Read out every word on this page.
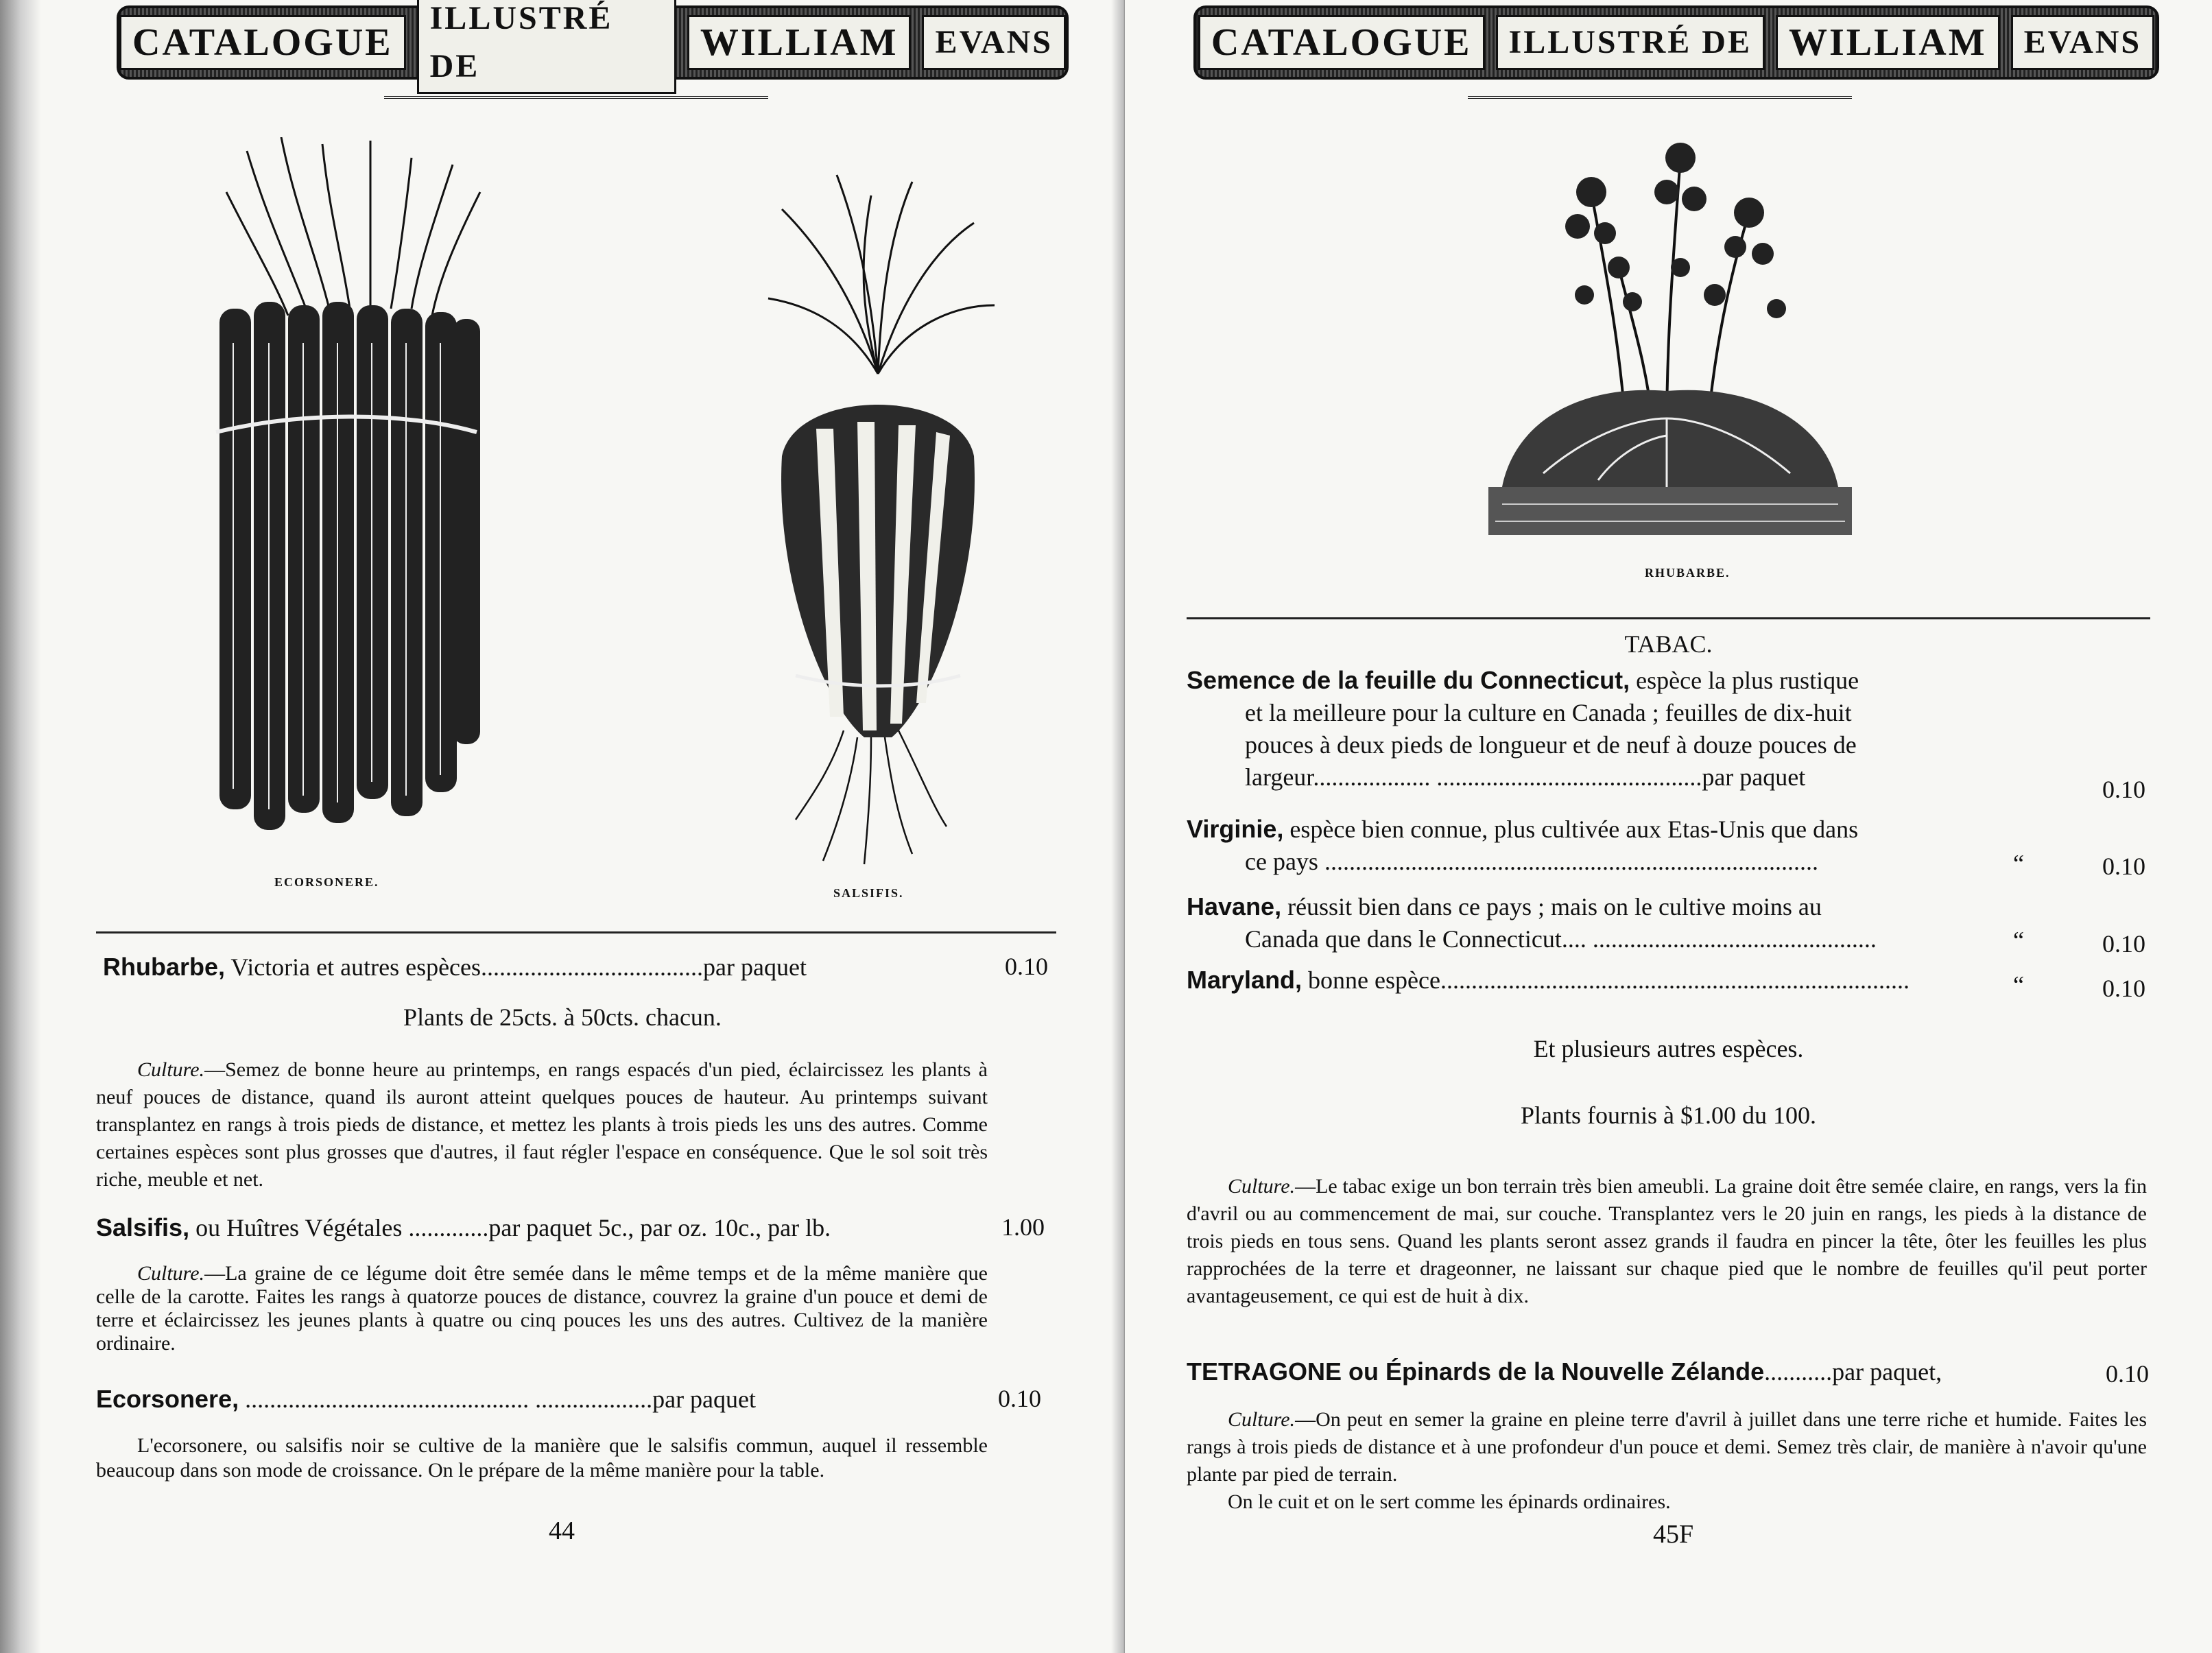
CATALOGUE
ILLUSTRÉ DE
WILLIAM	EVANS
ECORSONERE.
SALSIFIS.
Rhubarbe, Victoria et autres espèces....................................par paquet	0.10
Plants de 25cts. à 50cts. chacun.
Culture.—Semez de bonne heure au printemps, en rangs espacés d'un pied, éclaircissez les plants à neuf pouces de distance, quand ils auront atteint quelques pouces de hauteur. Au printemps suivant transplantez en rangs à trois pieds de distance, et mettez les plants à trois pieds les uns des autres. Comme certaines espèces sont plus grosses que d'autres, il faut régler l'espace en conséquence. Que le sol soit très riche, meuble et net.
Salsifis, ou Huîtres Végétales .............par paquet 5c., par oz. 10c., par lb.	1.00
Culture.—La graine de ce légume doit être semée dans le même temps et de la même manière que celle de la carotte. Faites les rangs à quatorze pouces de distance, couvrez la graine d'un pouce et demi de terre et éclaircissez les jeunes plants à quatre ou cinq pouces les uns des autres. Cultivez de la manière ordinaire.
Ecorsonere, .............................................. ...................par paquet	0.10
L'ecorsonere, ou salsifis noir se cultive de la manière que le salsifis commun, auquel il ressemble beaucoup dans son mode de croissance. On le prépare de la même manière pour la table.
44
CATALOGUE	ILLUSTRÉ DE WILLIAM	EVANS
RHUBARBE.
TABAC.
Semence de la feuille du Connecticut, espèce la plus rustique
et la meilleure pour la culture en Canada ; feuilles de dix-huit
pouces à deux pieds de longueur et de neuf à douze pouces de
largeur................... ...........................................par paquet	0.10
Virginie, espèce bien connue, plus cultivée aux Etas-Unis que dans
ce pays ................................................................................	“	0.10
Havane, réussit bien dans ce pays ; mais on le cultive moins au
Canada que dans le Connecticut.... ..............................................	“	0.10
Maryland, bonne espèce............................................................................	“	0.10
Et plusieurs autres espèces.
Plants fournis à $1.00 du 100.
Culture.—Le tabac exige un bon terrain très bien ameubli. La graine doit être semée claire, en rangs, vers la fin d'avril ou au commencement de mai, sur couche. Transplantez vers le 20 juin en rangs, les pieds à la distance de trois pieds en tous sens. Quand les plants seront assez grands il faudra en pincer la tête, ôter les feuilles les plus rapprochées de la terre et drageonner, ne laissant sur chaque pied que le nombre de feuilles qu'il peut porter avantageusement, ce qui est de huit à dix.
TETRAGONE ou Épinards de la Nouvelle Zélande...........par paquet,	0.10
Culture.—On peut en semer la graine en pleine terre d'avril à juillet dans une terre riche et humide. Faites les rangs à trois pieds de distance et à une profondeur d'un pouce et demi. Semez très clair, de manière à n'avoir qu'une plante par pied de terrain.
On le cuit et on le sert comme les épinards ordinaires.
45F
